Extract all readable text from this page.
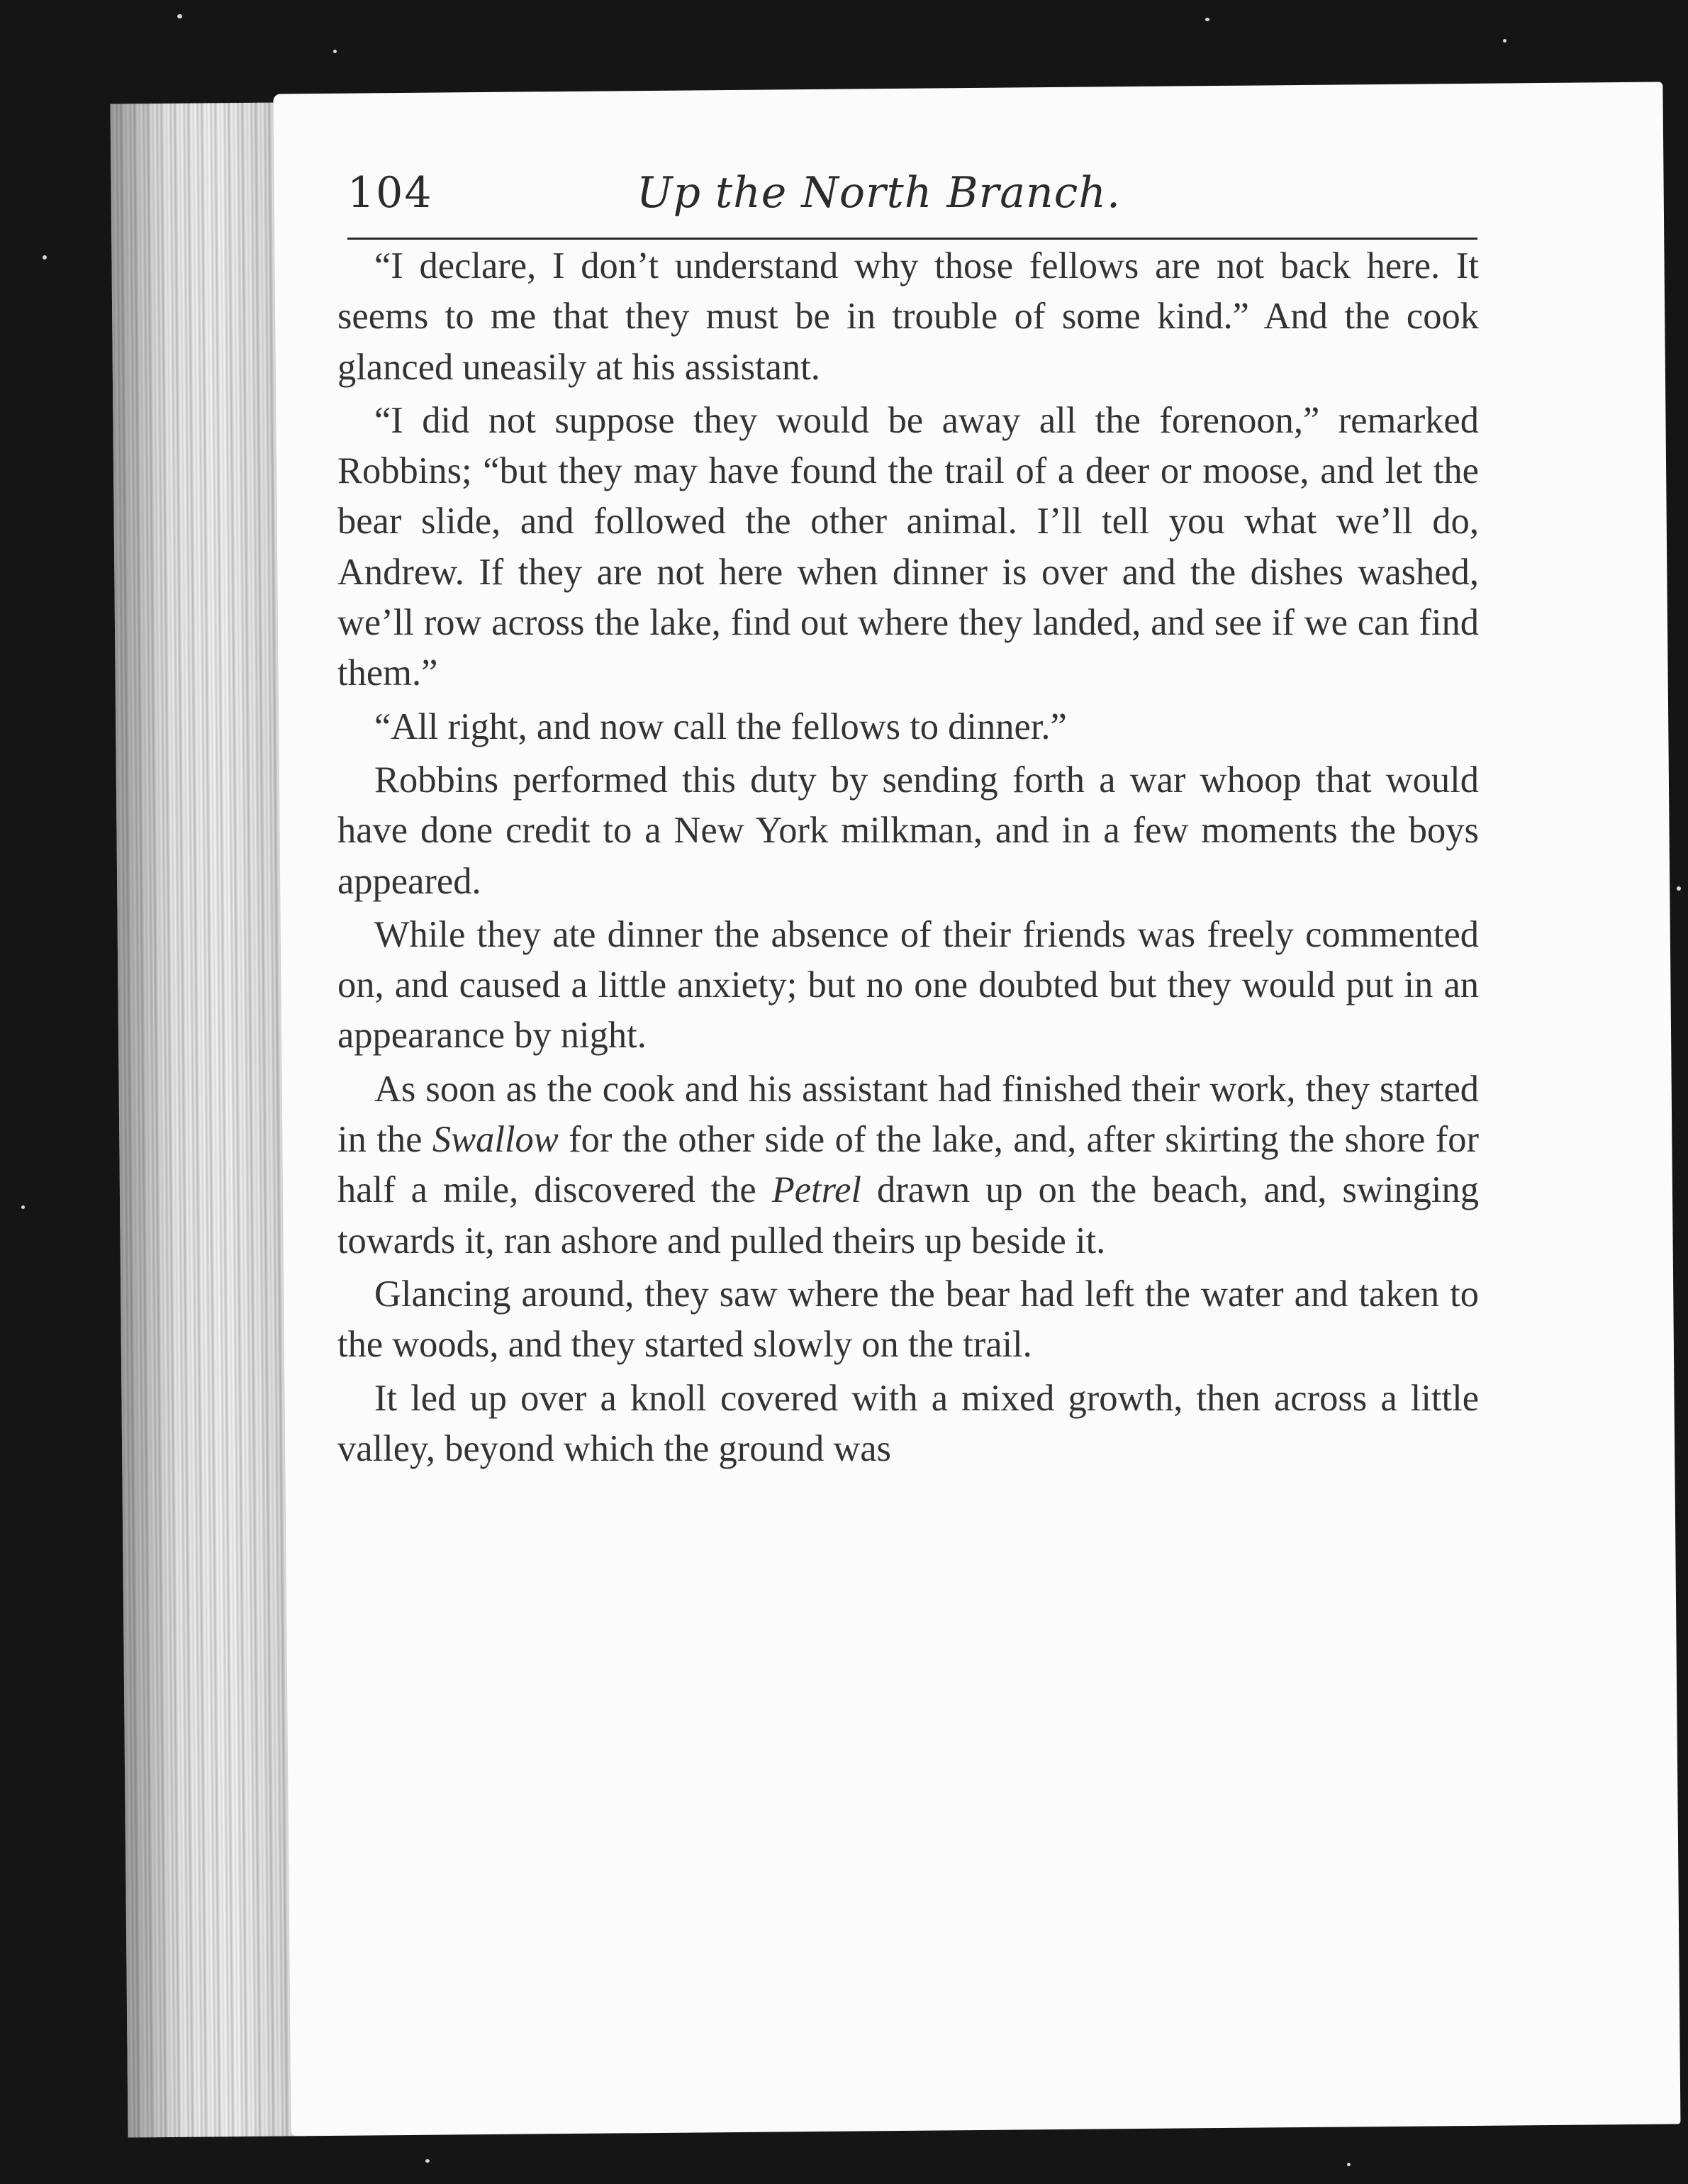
104	Up the North Branch.

“I declare, I don’t understand why those fellows are not back here. It seems to me that they must be in trouble of some kind.” And the cook glanced uneasily at his assistant.

“I did not suppose they would be away all the forenoon,” remarked Robbins; “but they may have found the trail of a deer or moose, and let the bear slide, and followed the other animal. I’ll tell you what we’ll do, Andrew. If they are not here when dinner is over and the dishes washed, we’ll row across the lake, find out where they landed, and see if we can find them.”

“All right, and now call the fellows to dinner.”

Robbins performed this duty by sending forth a war whoop that would have done credit to a New York milkman, and in a few moments the boys appeared.

While they ate dinner the absence of their friends was freely commented on, and caused a little anxiety; but no one doubted but they would put in an appearance by night.

As soon as the cook and his assistant had finished their work, they started in the Swallow for the other side of the lake, and, after skirting the shore for half a mile, discovered the Petrel drawn up on the beach, and, swinging towards it, ran ashore and pulled theirs up beside it.

Glancing around, they saw where the bear had left the water and taken to the woods, and they started slowly on the trail.

It led up over a knoll covered with a mixed growth, then across a little valley, beyond which the ground was
